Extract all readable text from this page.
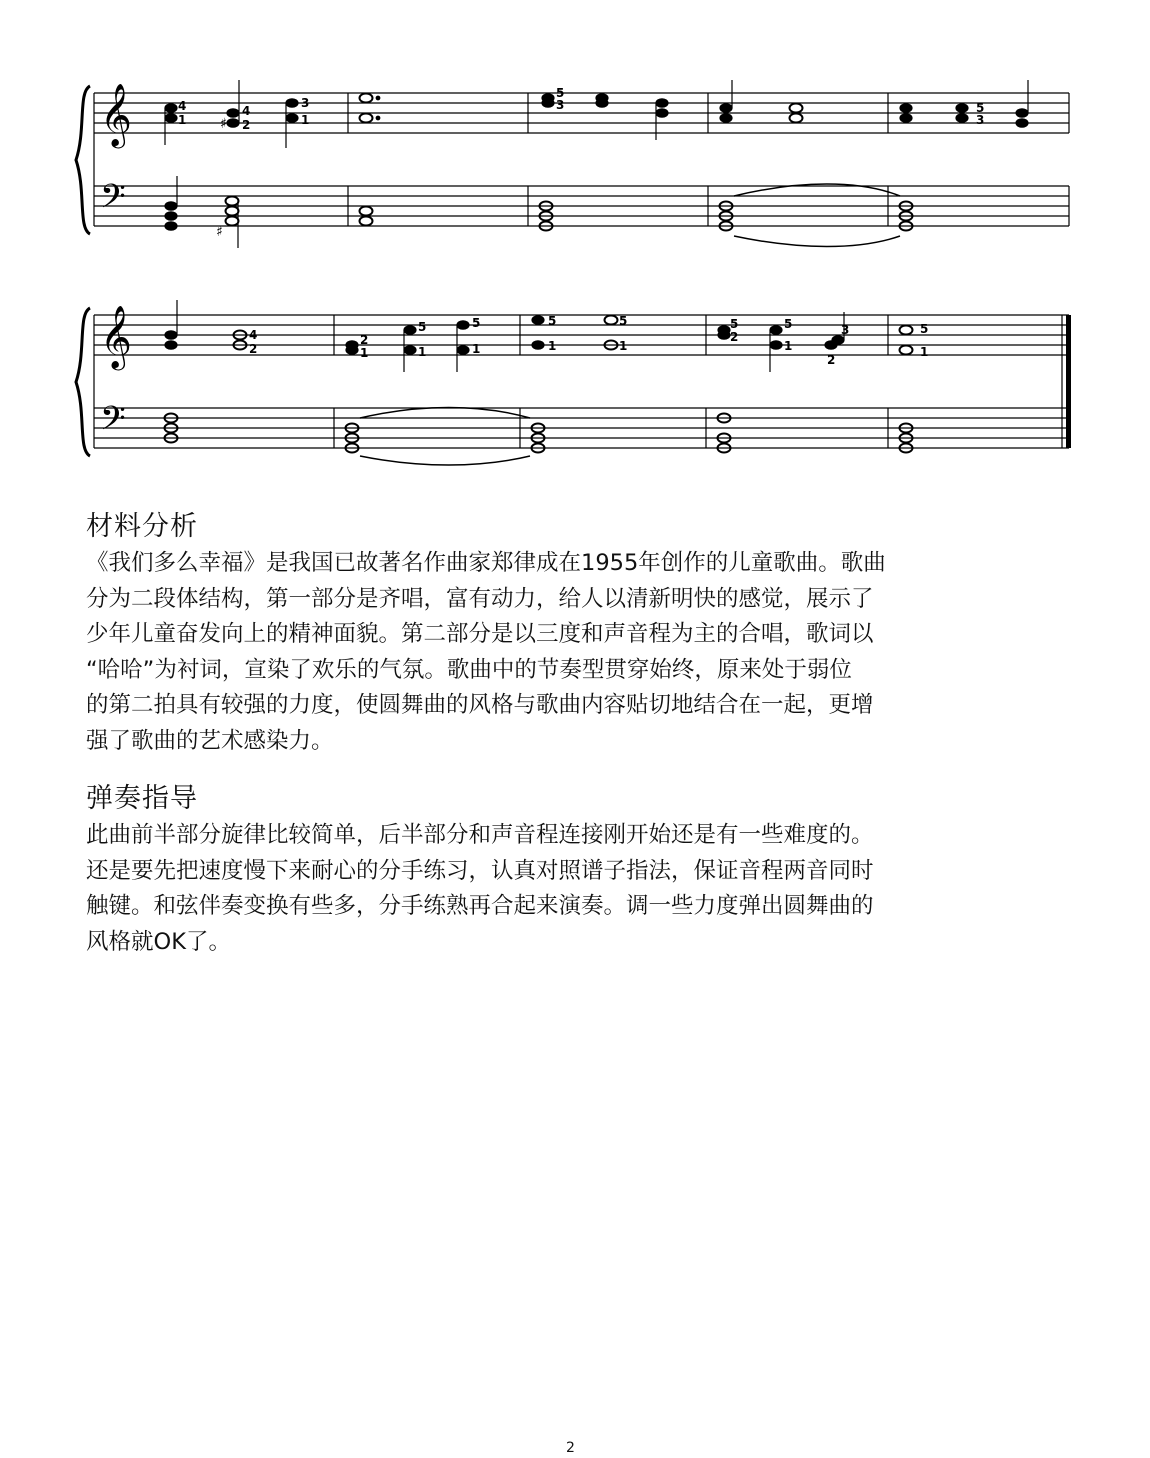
𝄞
𝄢
𝄞
𝄢
♯
4
1
4
2
3
1
5
3	5
3
♯
4
2
2
1
5
1
5
1
5
1
5
1
5
2
5
1
3
2
5
1
材料分析
《我们多么幸福》是我国已故著名作曲家郑律成在1955年创作的儿童歌曲。歌曲
分为二段体结构，第一部分是齐唱，富有动力，给人以清新明快的感觉，展示了
少年儿童奋发向上的精神面貌。第二部分是以三度和声音程为主的合唱，歌词以
“哈哈”为衬词，宣染了欢乐的气氛。歌曲中的节奏型贯穿始终，原来处于弱位
的第二拍具有较强的力度，使圆舞曲的风格与歌曲内容贴切地结合在一起，更增
强了歌曲的艺术感染力。
弹奏指导
此曲前半部分旋律比较简单，后半部分和声音程连接刚开始还是有一些难度的。
还是要先把速度慢下来耐心的分手练习，认真对照谱子指法，保证音程两音同时
触键。和弦伴奏变换有些多，分手练熟再合起来演奏。调一些力度弹出圆舞曲的
风格就OK了。
2
